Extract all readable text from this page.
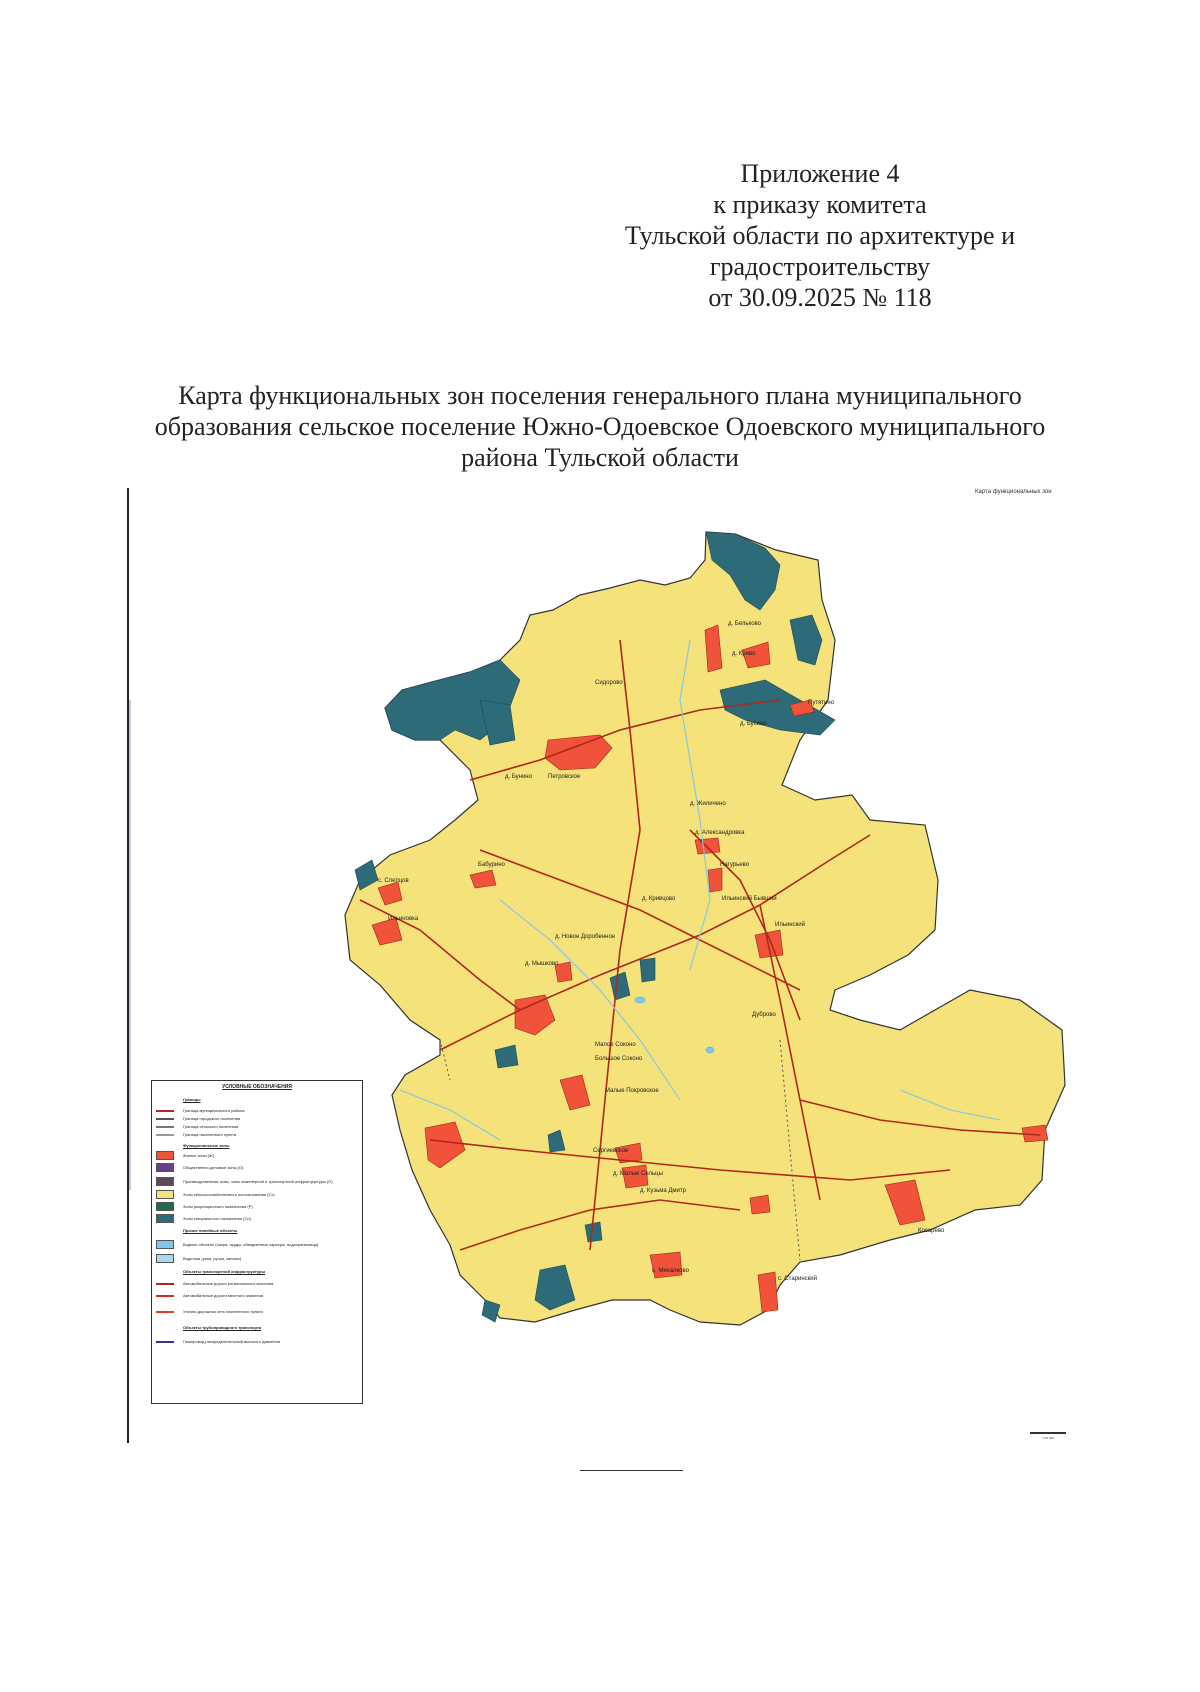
Приложение 4
к приказу комитета
Тульской области по архитектуре и
градостроительству
от 30.09.2025 № 118
Карта функциональных зон поселения генерального плана муниципального
образования сельское поселение Южно-Одоевское Одоевского муниципального
района Тульской области
Карта функциональных зон
Сидорово
д. Бельково
д. Криво
Путятино
д. Бусино
Петровское
д. Бунино
д. Жиличено
д. Александровка
Нагурьево
Бабурино
с. Слепцов
Ильиновка
д. Кривцово	Ильинский Бывший
Ильинский
д. Новое Доробенное
д. Мышково
Дуброво
Малое Соконо
Большое Соконо
Малые Покровское
Сергиевское
д. Малые Сельцы
д. Кузьма Дмитр
Косарево
с. Михалково
с. Старинский
УСЛОВНЫЕ ОБОЗНАЧЕНИЯ
Границы
Граница муниципального района
Граница городского поселения
Граница сельского поселения
Граница населенного пункта
Функциональные зоны
Жилые зоны (Ж)
Общественно-деловые зоны (О)
Производственные зоны, зоны инженерной и транспортной инфраструктуры (П)
Зоны сельскохозяйственного использования (Сх)
Зоны рекреационного назначения (Р)
Зоны специального назначения (Сн)
Прочие линейные объекты
Водные объекты (озера, пруды, обводненные карьеры, водохранилища)
Водотоки (реки, ручьи, каналы)
Объекты транспортной инфраструктуры
Автомобильные дороги регионального значения
Автомобильные дороги местного значения
Улично-дорожная сеть населенного пункта
Объекты трубопроводного транспорта
Газопровод распределительный высокого давления
1:25 000
